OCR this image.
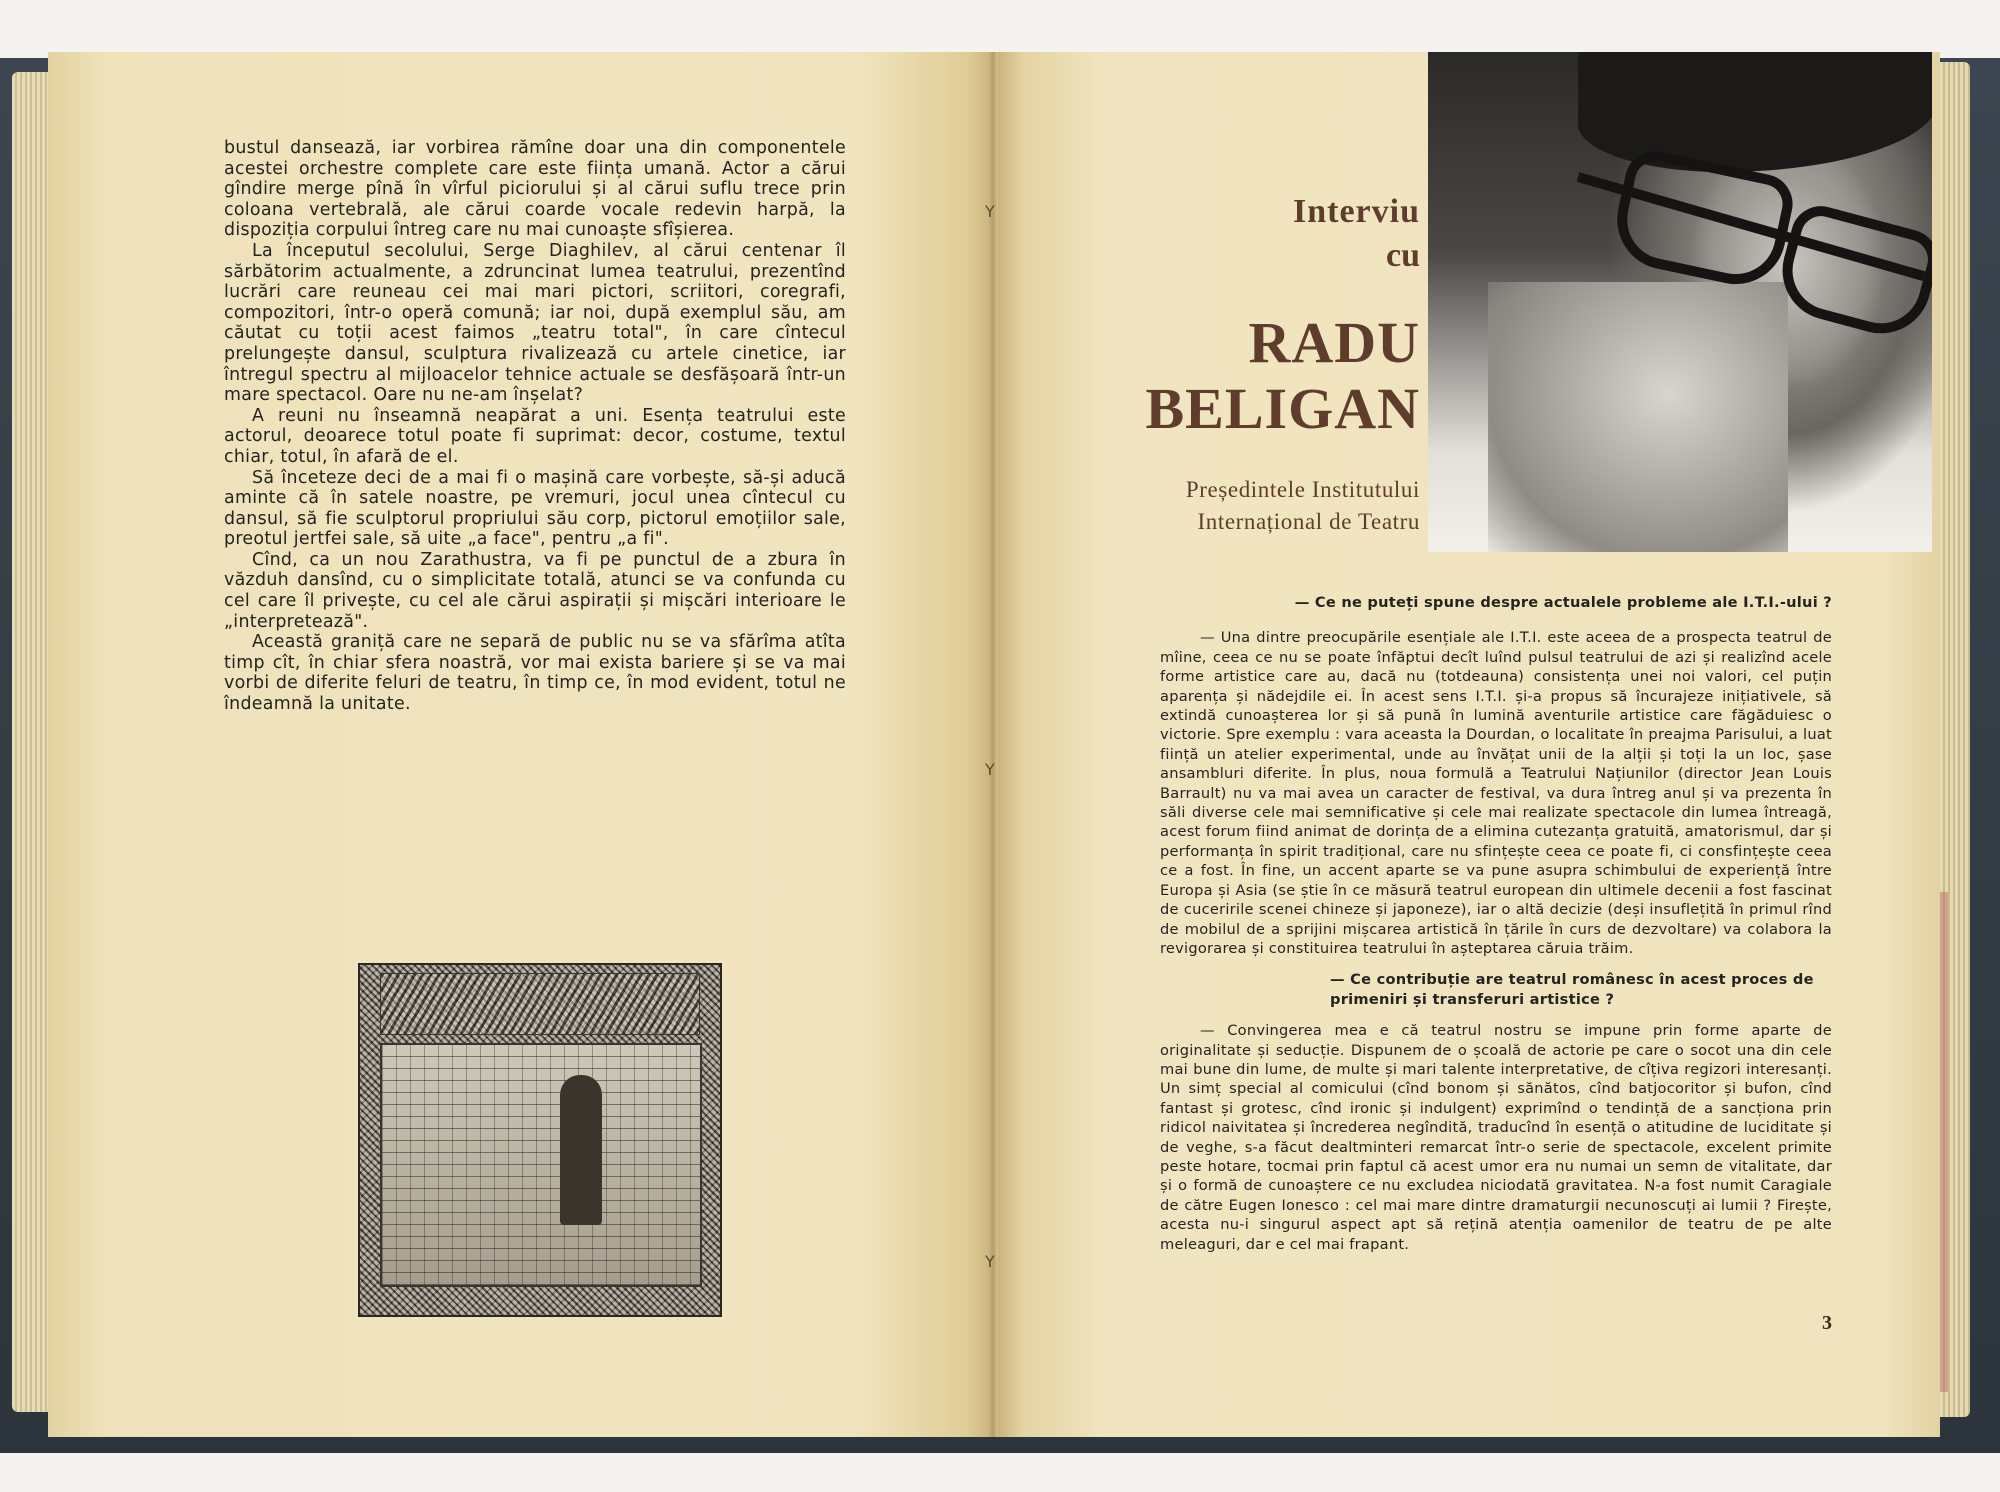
Y
Y
Y

bustul dansează, iar vorbirea rămîne doar una din componentele acestei orchestre complete care este ființa umană. Actor a cărui gîndire merge pînă în vîrful piciorului și al cărui suflu trece prin coloana vertebrală, ale cărui coarde vocale redevin harpă, la dispoziția corpului întreg care nu mai cunoaște sfîșierea.

La începutul secolului, Serge Diaghilev, al cărui centenar îl sărbătorim actualmente, a zdruncinat lumea teatrului, prezentînd lucrări care reuneau cei mai mari pictori, scriitori, coregrafi, compozitori, într-o operă comună; iar noi, după exemplul său, am căutat cu toții acest faimos „teatru total", în care cîntecul prelungește dansul, sculptura rivalizează cu artele cinetice, iar întregul spectru al mijloacelor tehnice actuale se desfășoară într-un mare spectacol. Oare nu ne-am înșelat?

A reuni nu înseamnă neapărat a uni. Esența teatrului este actorul, deoarece totul poate fi suprimat: decor, costume, textul chiar, totul, în afară de el.

Să înceteze deci de a mai fi o mașină care vorbește, să-și aducă aminte că în satele noastre, pe vremuri, jocul unea cîntecul cu dansul, să fie sculptorul propriului său corp, pictorul emoțiilor sale, preotul jertfei sale, să uite „a face", pentru „a fi".

Cînd, ca un nou Zarathustra, va fi pe punctul de a zbura în văzduh dansînd, cu o simplicitate totală, atunci se va confunda cu cel care îl privește, cu cel ale cărui aspirații și mișcări interioare le „interpretează".

Această graniță care ne separă de public nu se va sfărîma atîta timp cît, în chiar sfera noastră, vor mai exista bariere și se va mai vorbi de diferite feluri de teatru, în timp ce, în mod evident, totul ne îndeamnă la unitate.

Interviu
cu
RADU
BELIGAN
Președintele Institutului
Internațional de Teatru

— Ce ne puteți spune despre actualele probleme ale I.T.I.-ului ?

— Una dintre preocupările esențiale ale I.T.I. este aceea de a prospecta teatrul de mîine, ceea ce nu se poate înfăptui decît luînd pulsul teatrului de azi și realizînd acele forme artistice care au, dacă nu (totdeauna) consistența unei noi valori, cel puțin aparența și nădejdile ei. În acest sens I.T.I. și-a propus să încurajeze inițiativele, să extindă cunoașterea lor și să pună în lumină aventurile artistice care făgăduiesc o victorie. Spre exemplu : vara aceasta la Dourdan, o localitate în preajma Parisului, a luat ființă un atelier experimental, unde au învățat unii de la alții și toți la un loc, șase ansambluri diferite. În plus, noua formulă a Teatrului Națiunilor (director Jean Louis Barrault) nu va mai avea un caracter de festival, va dura întreg anul și va prezenta în săli diverse cele mai semnificative și cele mai realizate spectacole din lumea întreagă, acest forum fiind animat de dorința de a elimina cutezanța gratuită, amatorismul, dar și performanța în spirit tradițional, care nu sfințește ceea ce poate fi, ci consfințește ceea ce a fost. În fine, un accent aparte se va pune asupra schimbului de experiență între Europa și Asia (se știe în ce măsură teatrul european din ultimele decenii a fost fascinat de cuceririle scenei chineze și japoneze), iar o altă decizie (deși insuflețită în primul rînd de mobilul de a sprijini mișcarea artistică în țările în curs de dezvoltare) va colabora la revigorarea și constituirea teatrului în așteptarea căruia trăim.

— Ce contribuție are teatrul românesc în acest proces de primeniri și transferuri artistice ?

— Convingerea mea e că teatrul nostru se impune prin forme aparte de originalitate și seducție. Dispunem de o școală de actorie pe care o socot una din cele mai bune din lume, de multe și mari talente interpretative, de cîțiva regizori interesanți. Un simț special al comicului (cînd bonom și sănătos, cînd batjocoritor și bufon, cînd fantast și grotesc, cînd ironic și indulgent) exprimînd o tendință de a sancționa prin ridicol naivitatea și încrederea negîndită, traducînd în esență o atitudine de luciditate și de veghe, s-a făcut dealtminteri remarcat într-o serie de spectacole, excelent primite peste hotare, tocmai prin faptul că acest umor era nu numai un semn de vitalitate, dar și o formă de cunoaștere ce nu excludea niciodată gravitatea. N-a fost numit Caragiale de către Eugen Ionesco : cel mai mare dintre dramaturgii necunoscuți ai lumii ? Firește, acesta nu-i singurul aspect apt să rețină atenția oamenilor de teatru de pe alte meleaguri, dar e cel mai frapant.

3
